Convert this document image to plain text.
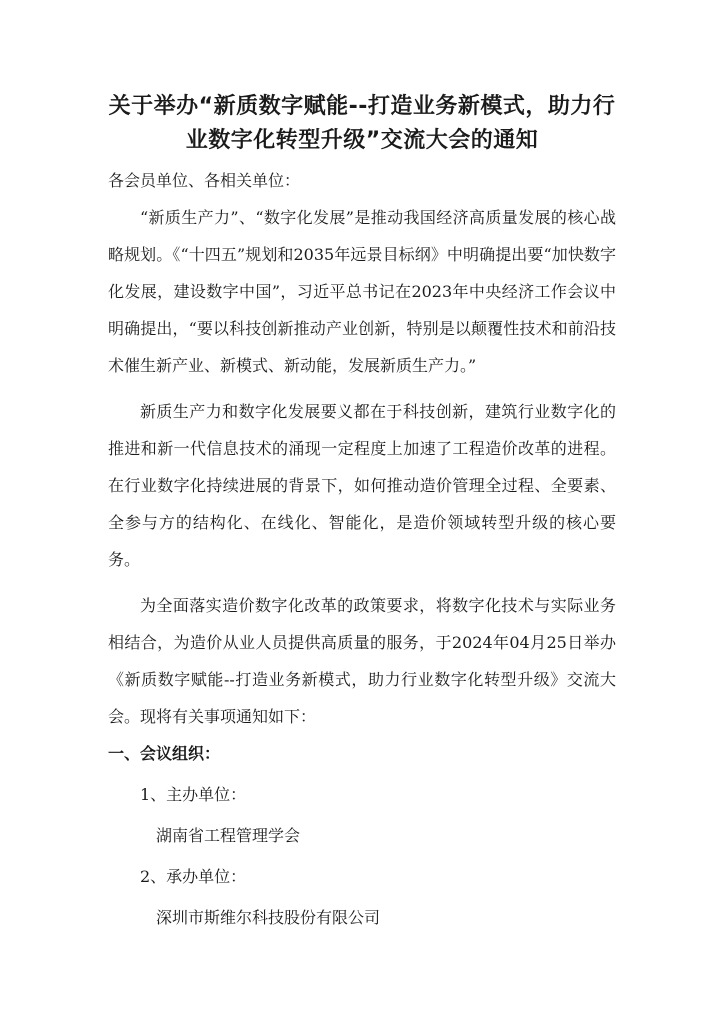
关于举办“新质数字赋能--打造业务新模式，助力行
业数字化转型升级”交流大会的通知
各会员单位、各相关单位：

“新质生产力”、“数字化发展”是推动我国经济高质量发展的核心战略规划。《“十四五”规划和2035年远景目标纲》中明确提出要“加快数字化发展，建设数字中国”，习近平总书记在2023年中央经济工作会议中明确提出，“要以科技创新推动产业创新，特别是以颠覆性技术和前沿技术催生新产业、新模式、新动能，发展新质生产力。”

新质生产力和数字化发展要义都在于科技创新，建筑行业数字化的推进和新一代信息技术的涌现一定程度上加速了工程造价改革的进程。在行业数字化持续进展的背景下，如何推动造价管理全过程、全要素、全参与方的结构化、在线化、智能化，是造价领域转型升级的核心要务。

为全面落实造价数字化改革的政策要求，将数字化技术与实际业务相结合，为造价从业人员提供高质量的服务，于2024年04月25日举办《新质数字赋能--打造业务新模式，助力行业数字化转型升级》交流大会。现将有关事项通知如下：

一、会议组织：
1、主办单位：
湖南省工程管理学会
2、承办单位：
深圳市斯维尔科技股份有限公司
